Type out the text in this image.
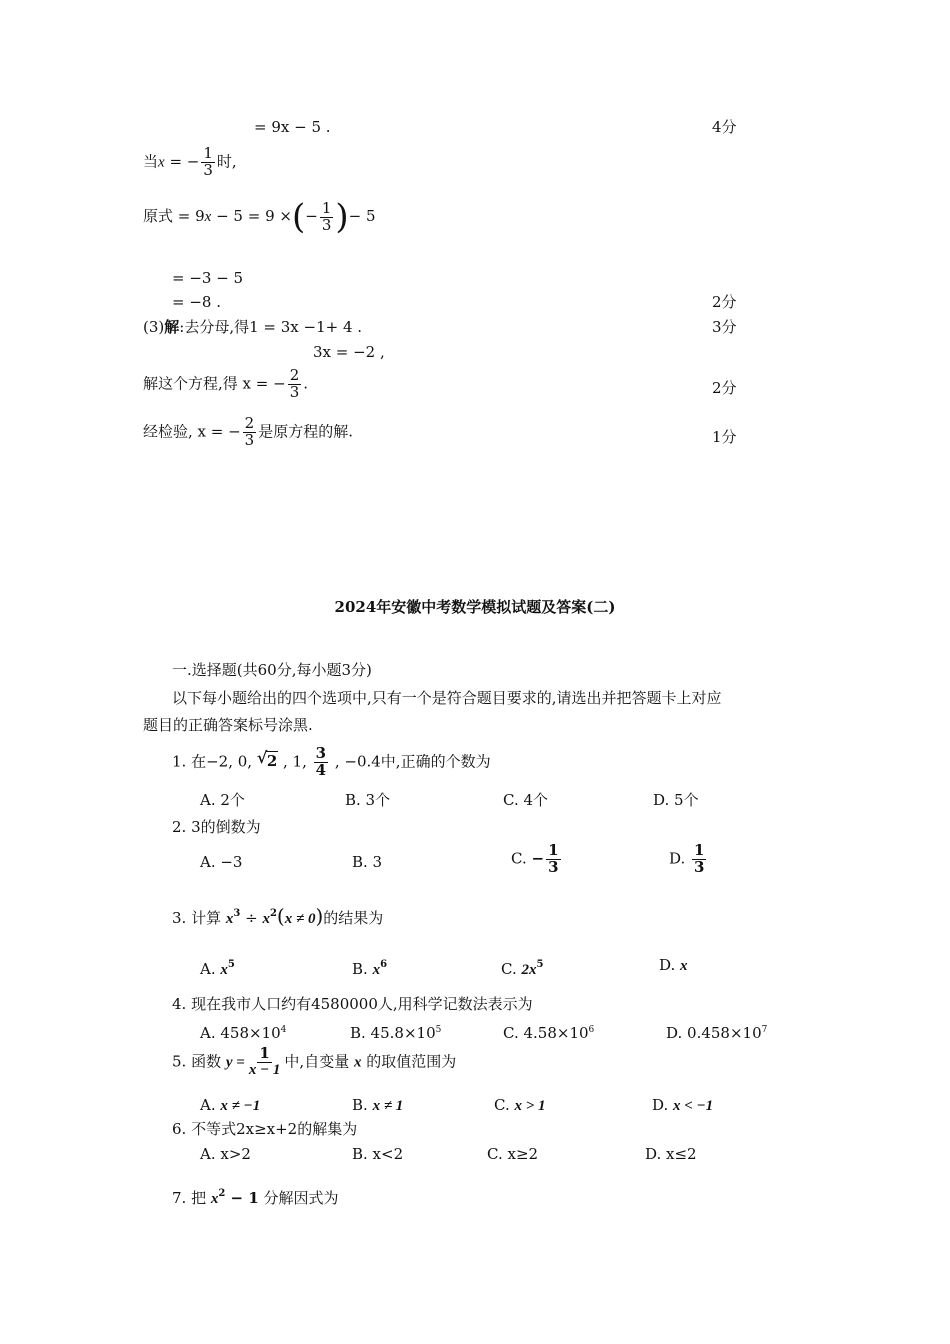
= 9x − 5 .	4分
当x = − $\frac{1}{3}$ 时,
原式 = 9x − 5 = 9 ×(− $\frac{1}{3}$ )− 5
= −3 − 5
= −8 .	2分
(3)解:去分母,得1 = 3x −1+ 4 .	3分
3x = −2 ,
解这个方程,得 x = − $\frac{2}{3}$ .	2分
经检验, x = − $\frac{2}{3}$ 是原方程的解.	1分
2024年安徽中考数学模拟试题及答案(二)
一.选择题(共60分,每小题3分)
以下每小题给出的四个选项中,只有一个是符合题目要求的,请选出并把答题卡上对应
题目的正确答案标号涂黑.
1. 在−2, 0, √ 2 , 1, $\frac{3}{4}$ , −0.4中,正确的个数为
A. 2个	B. 3个	C. 4个	D. 5个
2. 3的倒数为
A. −3	B. 3	C. − $\frac{1}{3}$	D. $\frac{1}{3}$
3. 计算 $x^3 \div x^2(x \ne 0)$的结果为
A. $x^5$	B. $x^6$	C. $2x^5$	D. x
4. 现在我市人口约有4580000人,用科学记数法表示为
A. $458\times 10^4$	B. $45.8\times 10^5$	C. $4.58\times 10^6$	D. $0.458\times 10^7$
5. 函数 $y = \frac{1}{x - 1}$ 中,自变量 x 的取值范围为
A. x ≠ −1	B. x ≠ 1	C. x > 1	D. x < −1
6. 不等式2x≥x+2的解集为
A. x>2	B. x<2	C. x≥2	D. x≤2
7. 把 $x^2 - 1$ 分解因式为
